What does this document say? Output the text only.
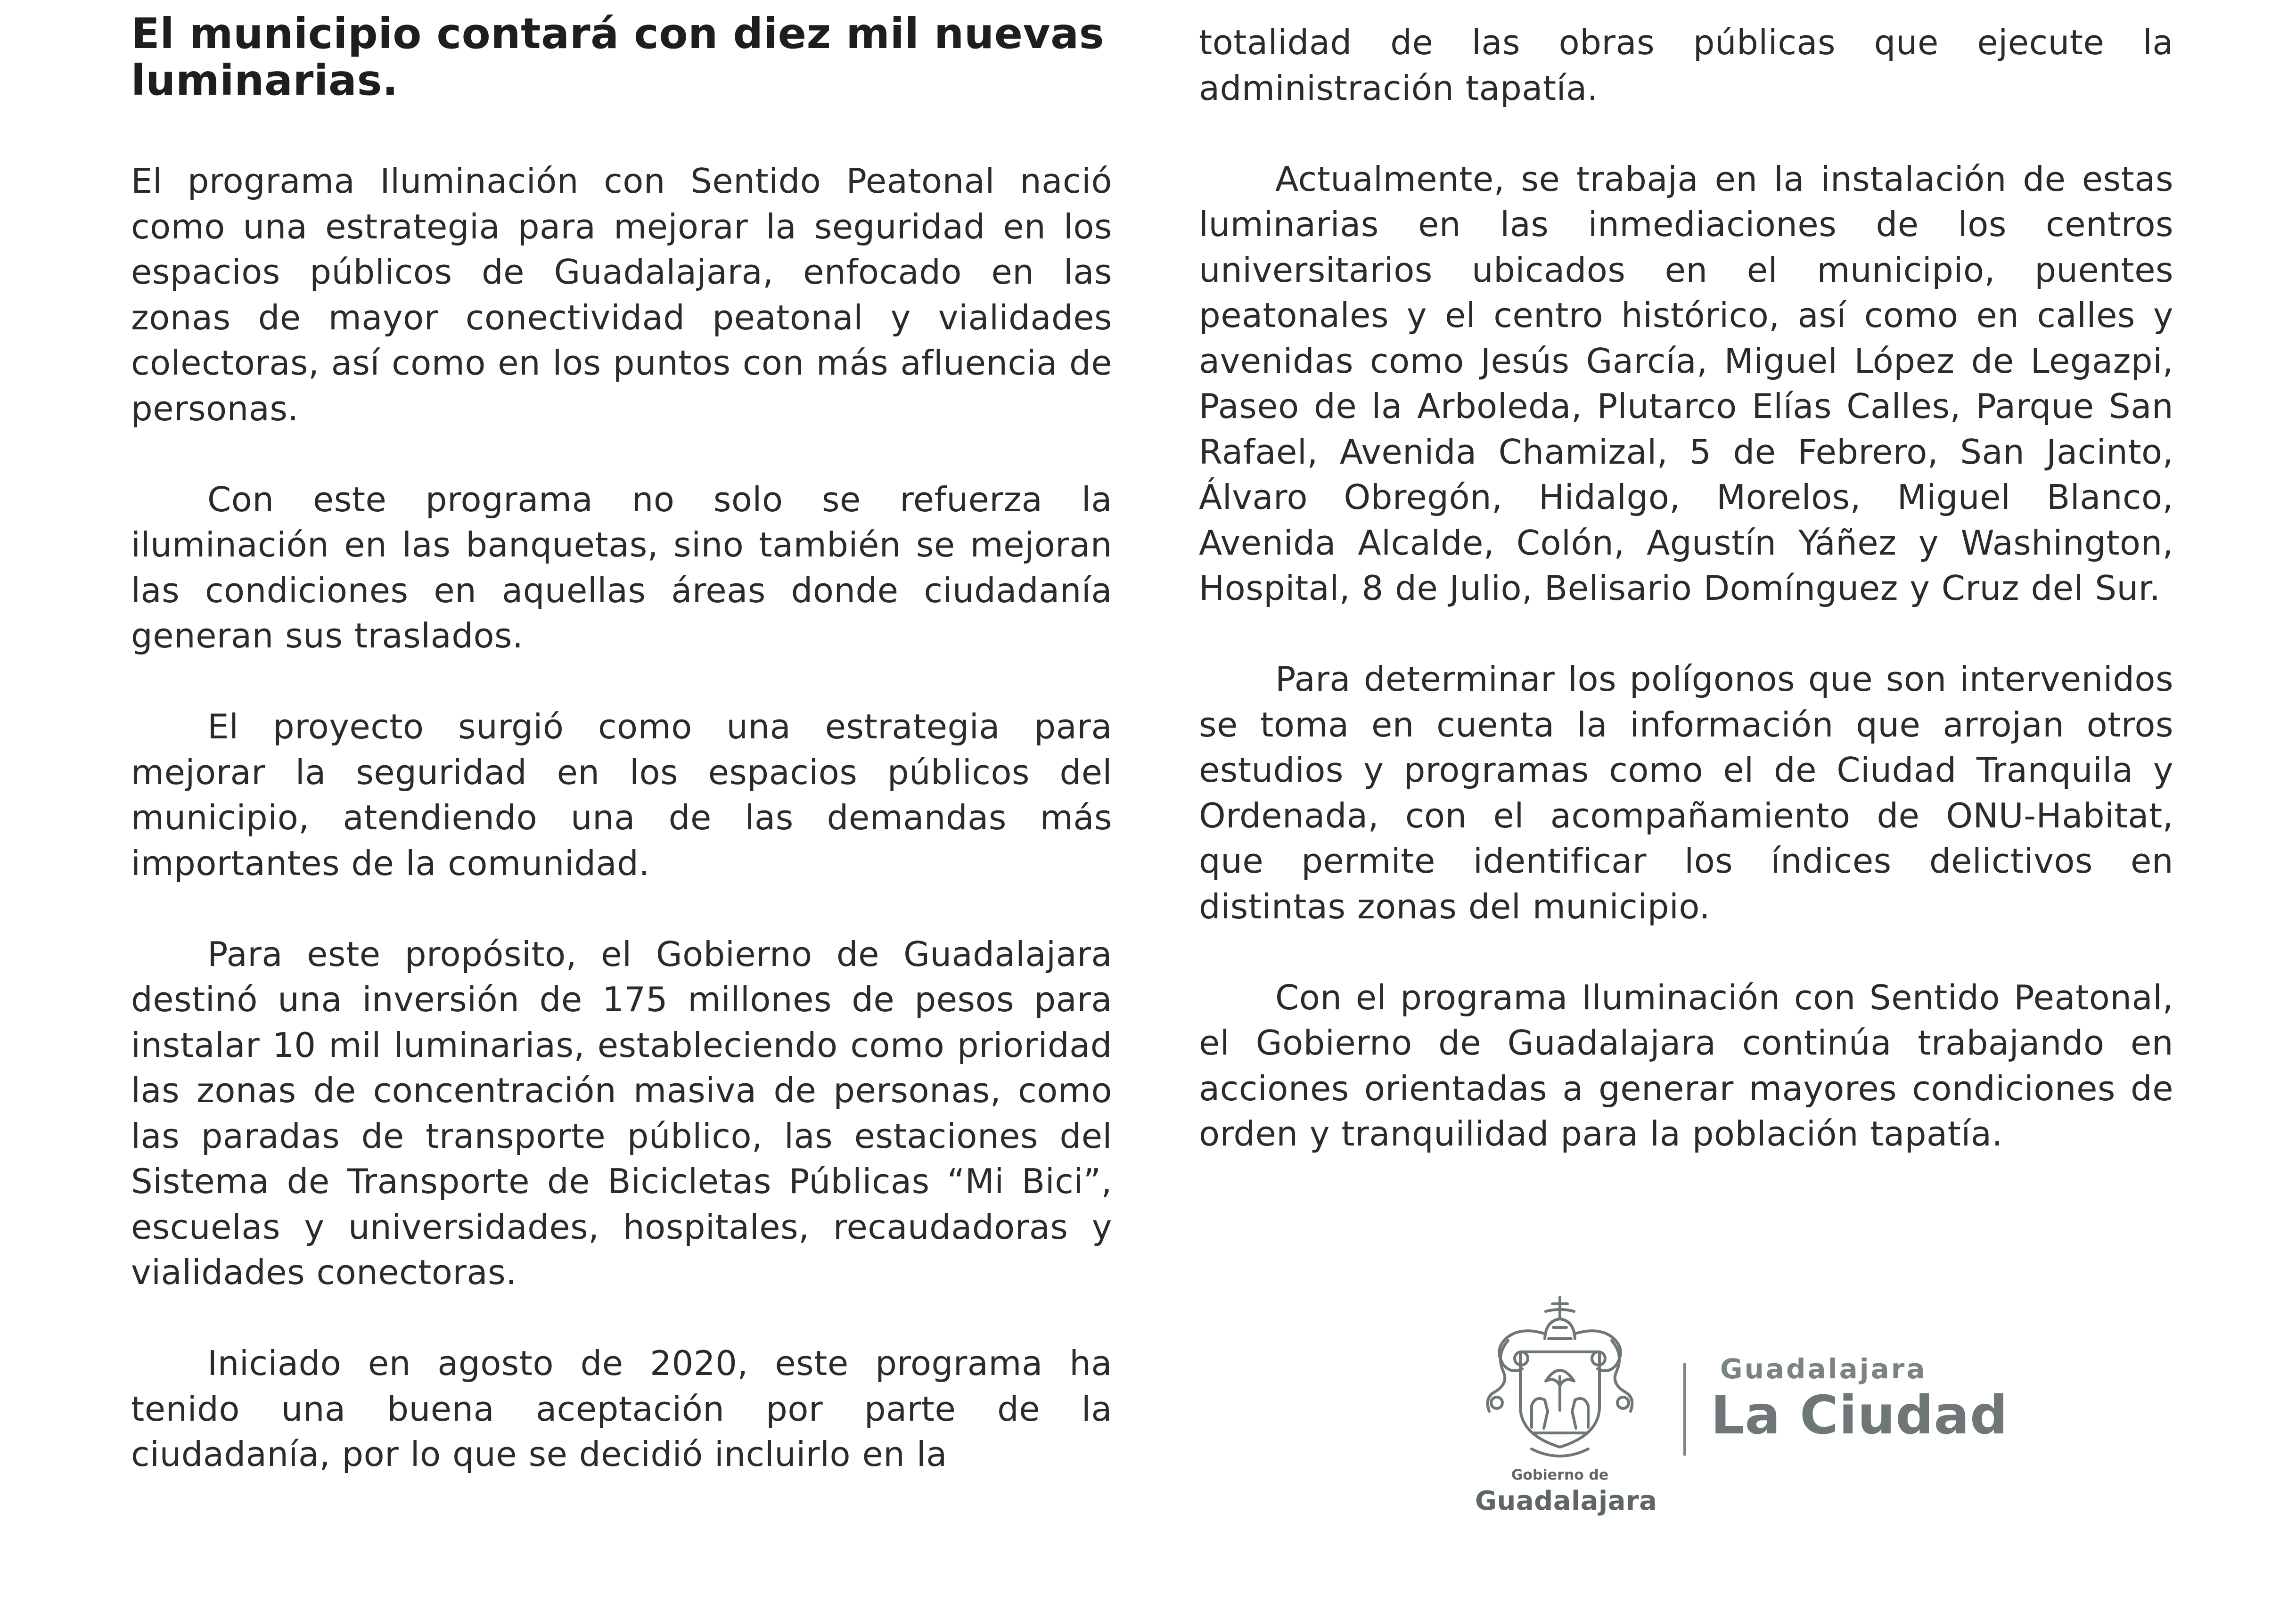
El municipio contará con diez mil nuevas
luminarias.

El programa Iluminación con Sentido Peatonal nació como una estrategia para mejorar la seguridad en los espacios públicos de Guadalajara, enfocado en las zonas de mayor conectividad peatonal y vialidades colectoras, así como en los puntos con más afluencia de personas.

Con este programa no solo se refuerza la iluminación en las banquetas, sino también se mejoran las condiciones en aquellas áreas donde ciudadanía generan sus traslados.

El proyecto surgió como una estrategia para mejorar la seguridad en los espacios públicos del municipio, atendiendo una de las demandas más importantes de la comunidad.

Para este propósito, el Gobierno de Guadalajara destinó una inversión de 175 millones de pesos para instalar 10 mil luminarias, estableciendo como prioridad las zonas de concentración masiva de personas, como las paradas de transporte público, las estaciones del Sistema de Transporte de Bicicletas Públicas “Mi Bici”, escuelas y universidades, hospitales, recaudadoras y vialidades conectoras.

Iniciado en agosto de 2020, este programa ha tenido una buena aceptación por parte de la ciudadanía, por lo que se decidió incluirlo en la

totalidad de las obras públicas que ejecute la administración tapatía.

Actualmente, se trabaja en la instalación de estas luminarias en las inmediaciones de los centros universitarios ubicados en el municipio, puentes peatonales y el centro histórico, así como en calles y avenidas como Jesús García, Miguel López de Legazpi, Paseo de la Arboleda, Plutarco Elías Calles, Parque San Rafael, Avenida Chamizal, 5 de Febrero, San Jacinto, Álvaro Obregón, Hidalgo, Morelos, Miguel Blanco, Avenida Alcalde, Colón, Agustín Yáñez y Washington, Hospital, 8 de Julio, Belisario Domínguez y Cruz del Sur.

Para determinar los polígonos que son intervenidos se toma en cuenta la información que arrojan otros estudios y programas como el de Ciudad Tranquila y Ordenada, con el acompañamiento de ONU-Habitat, que permite identificar los índices delictivos en distintas zonas del municipio.

Con el programa Iluminación con Sentido Peatonal, el Gobierno de Guadalajara continúa trabajando en acciones orientadas a generar mayores condiciones de orden y tranquilidad para la población tapatía.

Gobierno de
Guadalajara
Guadalajara
La Ciudad
